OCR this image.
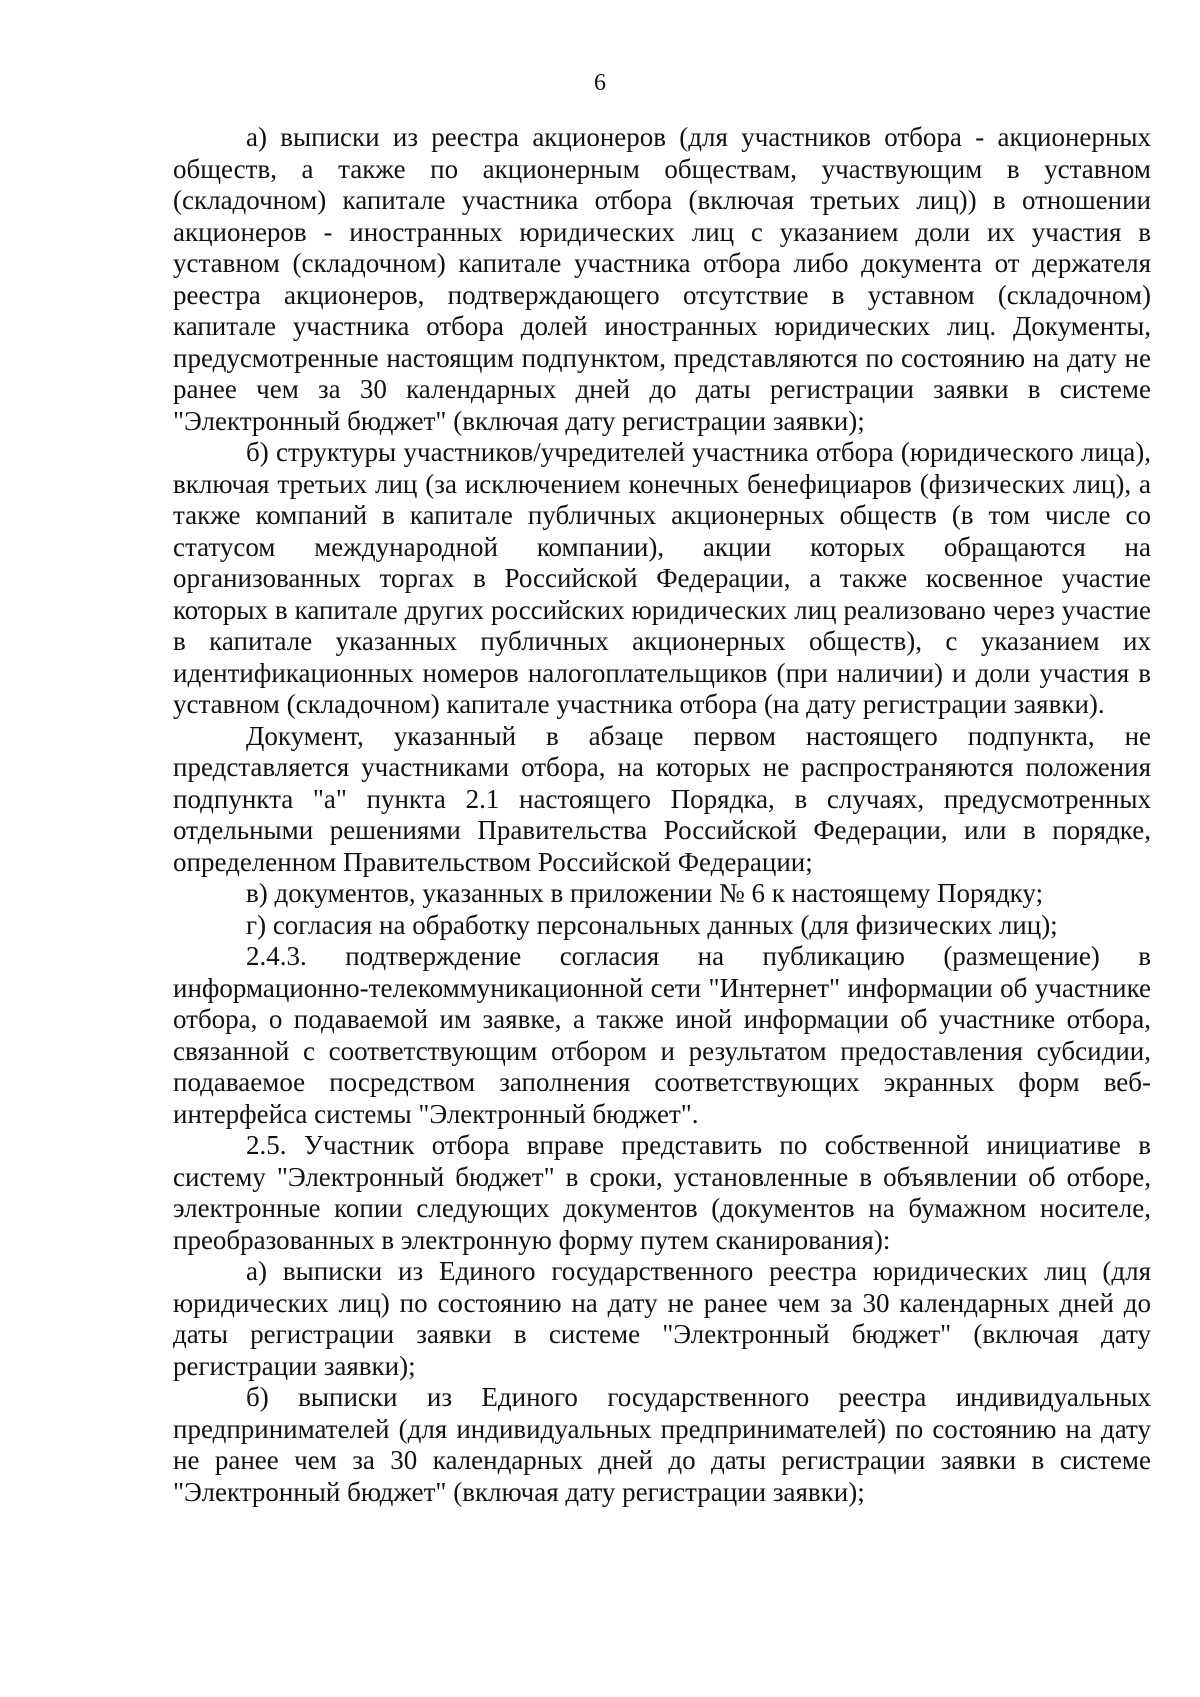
6

а) выписки из реестра акционеров (для участников отбора - акционерных обществ, а также по акционерным обществам, участвующим в уставном (складочном) капитале участника отбора (включая третьих лиц)) в отношении акционеров - иностранных юридических лиц с указанием доли их участия в уставном (складочном) капитале участника отбора либо документа от держателя реестра акционеров, подтверждающего отсутствие в уставном (складочном) капитале участника отбора долей иностранных юридических лиц. Документы, предусмотренные настоящим подпунктом, представляются по состоянию на дату не ранее чем за 30 календарных дней до даты регистрации заявки в системе "Электронный бюджет" (включая дату регистрации заявки);

б) структуры участников/учредителей участника отбора (юридического лица), включая третьих лиц (за исключением конечных бенефициаров (физических лиц), а также компаний в капитале публичных акционерных обществ (в том числе со статусом международной компании), акции которых обращаются на организованных торгах в Российской Федерации, а также косвенное участие которых в капитале других российских юридических лиц реализовано через участие в капитале указанных публичных акционерных обществ), с указанием их идентификационных номеров налогоплательщиков (при наличии) и доли участия в уставном (складочном) капитале участника отбора (на дату регистрации заявки).

Документ, указанный в абзаце первом настоящего подпункта, не представляется участниками отбора, на которых не распространяются положения подпункта "а" пункта 2.1 настоящего Порядка, в случаях, предусмотренных отдельными решениями Правительства Российской Федерации, или в порядке, определенном Правительством Российской Федерации;

в) документов, указанных в приложении № 6 к настоящему Порядку;

г) согласия на обработку персональных данных (для физических лиц);

2.4.3. подтверждение согласия на публикацию (размещение) в информационно-телекоммуникационной сети "Интернет" информации об участнике отбора, о подаваемой им заявке, а также иной информации об участнике отбора, связанной с соответствующим отбором и результатом предоставления субсидии, подаваемое посредством заполнения соответствующих экранных форм веб-интерфейса системы "Электронный бюджет".

2.5. Участник отбора вправе представить по собственной инициативе в систему "Электронный бюджет" в сроки, установленные в объявлении об отборе, электронные копии следующих документов (документов на бумажном носителе, преобразованных в электронную форму путем сканирования):

а) выписки из Единого государственного реестра юридических лиц (для юридических лиц) по состоянию на дату не ранее чем за 30 календарных дней до даты регистрации заявки в системе "Электронный бюджет" (включая дату регистрации заявки);

б) выписки из Единого государственного реестра индивидуальных предпринимателей (для индивидуальных предпринимателей) по состоянию на дату не ранее чем за 30 календарных дней до даты регистрации заявки в системе "Электронный бюджет" (включая дату регистрации заявки);
